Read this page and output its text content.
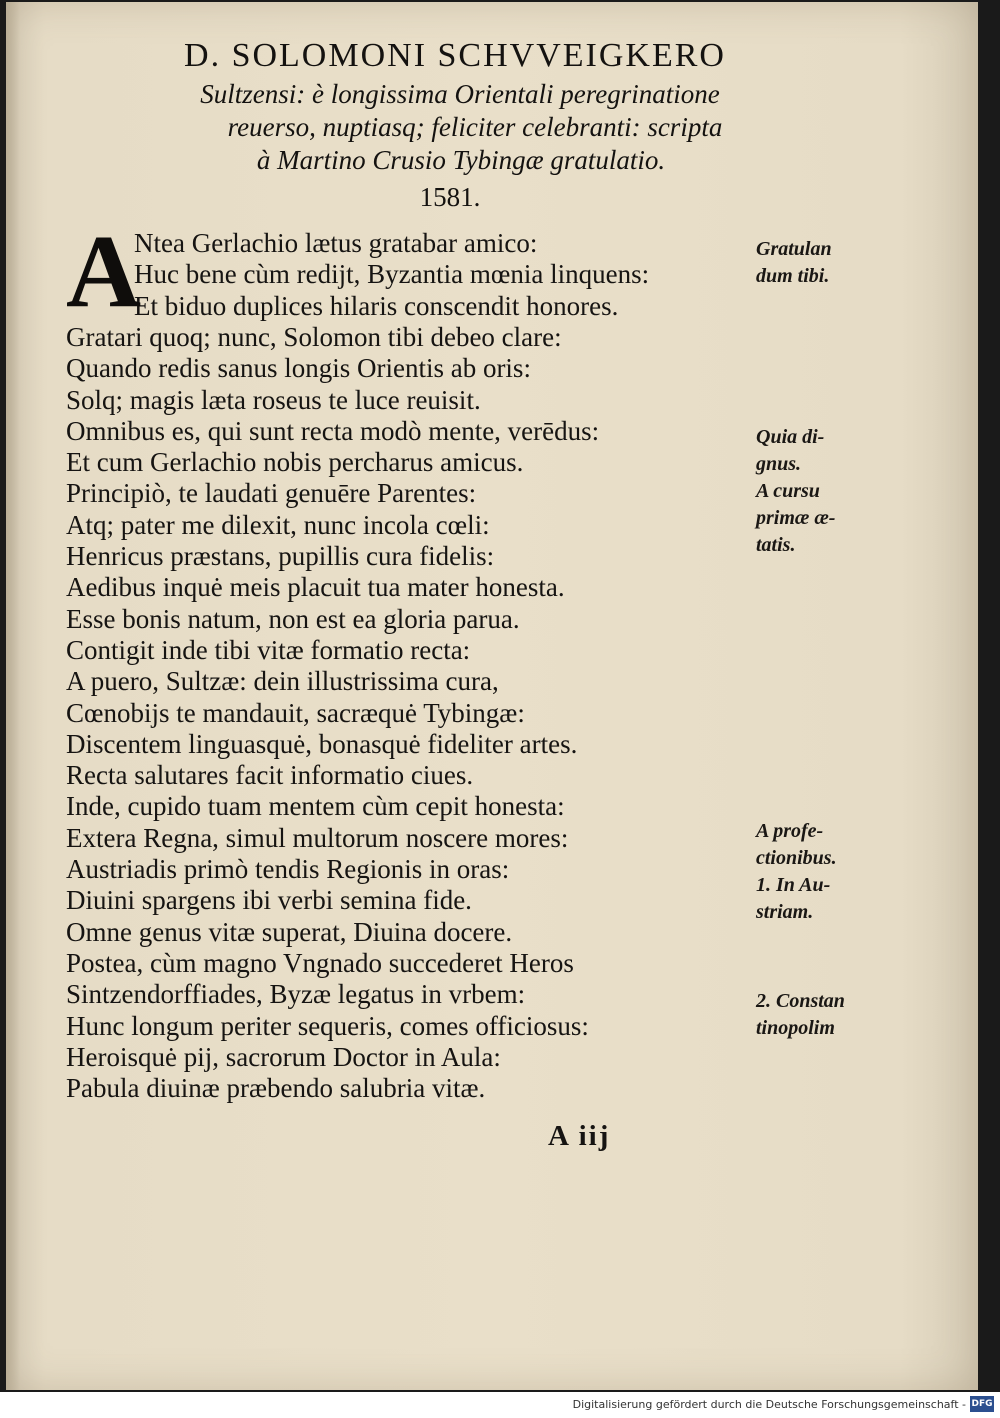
D. SOLOMONI SCHVVEIGKERO
Sultzensi: è longissima Orientali peregrinatione
reuerso, nuptiasq; feliciter celebranti: scripta
à Martino Crusio Tybingæ gratulatio.
1581.
A
Ntea Gerlachio lætus gratabar amico:
Huc bene cùm rediјt, Byzantia mœnia linquens:
Et biduo duplices hilaris conscendit honores.
Gratari quoq; nunc, Solomon tibi debeo clare:
Quando redis sanus longis Orientis ab oris:
Solq; magis læta roseus te luce reuisit.
Omnibus es, qui sunt recta modò mente, verēdus:
Et cum Gerlachio nobis percharus amicus.
Principiò, te laudati genuēre Parentes:
Atq; pater me dilexit, nunc incola cœli:
Henricus præstans, pupillis cura fidelis:
Aedibus inquė meis placuit tua mater honesta.
Esse bonis natum, non est ea gloria parua.
Contigit inde tibi vitæ formatio recta:
A puero, Sultzæ: dein illustrissima cura,
Cœnobijs te mandauit, sacræquė Tybingæ:
Discentem linguasquė, bonasquė fideliter artes.
Recta salutares facit informatio ciues.
Inde, cupido tuam mentem cùm cepit honesta:
Extera Regna, simul multorum noscere mores:
Austriadis primò tendis Regionis in oras:
Diuini spargens ibi verbi semina fide.
Omne genus vitæ superat, Diuina docere.
Postea, cùm magno Vngnado succederet Heros
Sintzendorffiades, Byzæ legatus in vrbem:
Hunc longum periter sequeris, comes officiosus:
Heroisquė pij, sacrorum Doctor in Aula:
Pabula diuinæ præbendo salubria vitæ.
Gratulan
dum tibi.
Quia di-
gnus.
A cursu
primæ æ-
tatis.
A profe-
ctionibus.
1. In Au-
striam.
2. Constan
tinopolim
A iij
Digitalisierung gefördert durch die Deutsche Forschungsgemeinschaft - DFG
